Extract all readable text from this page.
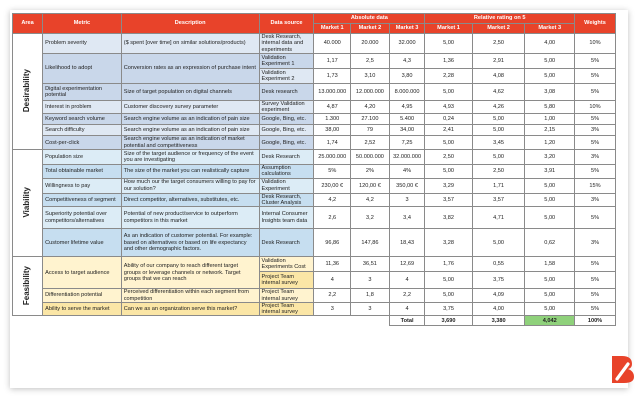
Area	Metric	Description	Data source	Absolute data			Relative rating on 5			Weights
				Market 1	Market 2	Market 3	Market 1	Market 2	Market 3	
Desirability	Problem severity	($ spent [over time] on similar solutions/products)	Desk Research, internal data and experiments	40.000	20.000	32.000	5,00	2,50	4,00	10%
	Likelihood to adopt	Conversion rates as an expression of purchase intent	Validation Experiment 1	1,17	2,5	4,3	1,36	2,91	5,00	5%
			Validation Experiment 2	1,73	3,10	3,80	2,28	4,08	5,00	5%
	Digital experimentation potential	Size of target population on digital channels	Desk research	13.000.000	12.000.000	8.000.000	5,00	4,62	3,08	5%
	Interest in problem	Customer discovery survey parameter	Survey Validation experiment	4,87	4,20	4,95	4,93	4,26	5,80	10%
	Keyword search volume	Search engine volume as an indication of pain size	Google, Bing, etc.	1.300	27.100	5.400	0,24	5,00	1,00	5%
	Search difficulty	Search engine volume as an indication of pain size	Google, Bing, etc.	38,00	79	34,00	2,41	5,00	2,15	3%
	Cost-per-click	Search engine volume as an indication of market potential and competitiveness	Google, Bing, etc.	1,74	2,52	7,25	5,00	3,45	1,20	5%
Viability	Population size	Size of the target audience or frequency of the event you are investigating	Desk Research	25.000.000	50.000.000	32.000.000	2,50	5,00	3,20	3%
	Total obtainable market	The size of the market you can realistically capture	Assumption calculations	5%	2%	4%	5,00	2,50	3,91	5%
	Willingness to pay	How much our the target consumers willing to pay for our solution?	Validation Experiment	230,00 €	120,00 €	350,00 €	3,29	1,71	5,00	15%
	Competitiveness of segment	Direct competitor, alternatives, substitutes, etc.	Desk Research, Cluster Analysis	4,2	4,2	3	3,57	3,57	5,00	3%
	Superiority potential over competitors/alternatives	Potential of new product/service to outperform competitors in this market	Internal Consumer Insights team data	2,6	3,2	3,4	3,82	4,71	5,00	5%
	Customer lifetime value	As an indication of customer potential. For example: based on alternatives or based on life expectancy and other demographic factors.	Desk Research	96,86	147,86	18,43	3,28	5,00	0,62	3%
Feasibility	Access to target audience	Ability of our company to reach different target groups or leverage channels or network. Target groups that we can reach	Validation Experiments Cost	11,36	36,51	12,69	1,76	0,55	1,58	5%
			Project Team internal survey	4	3	4	5,00	3,75	5,00	5%
	Differentiation potential	Perceived differentiation within each segment from competition	Project Team internal survey	2,2	1,8	2,2	5,00	4,09	5,00	5%
	Ability to serve the market	Can we as an organization serve this market?	Project Team internal survey	3	3	4	3,75	4,00	5,00	5%
						Total	3,690	3,380	4,042	100%
